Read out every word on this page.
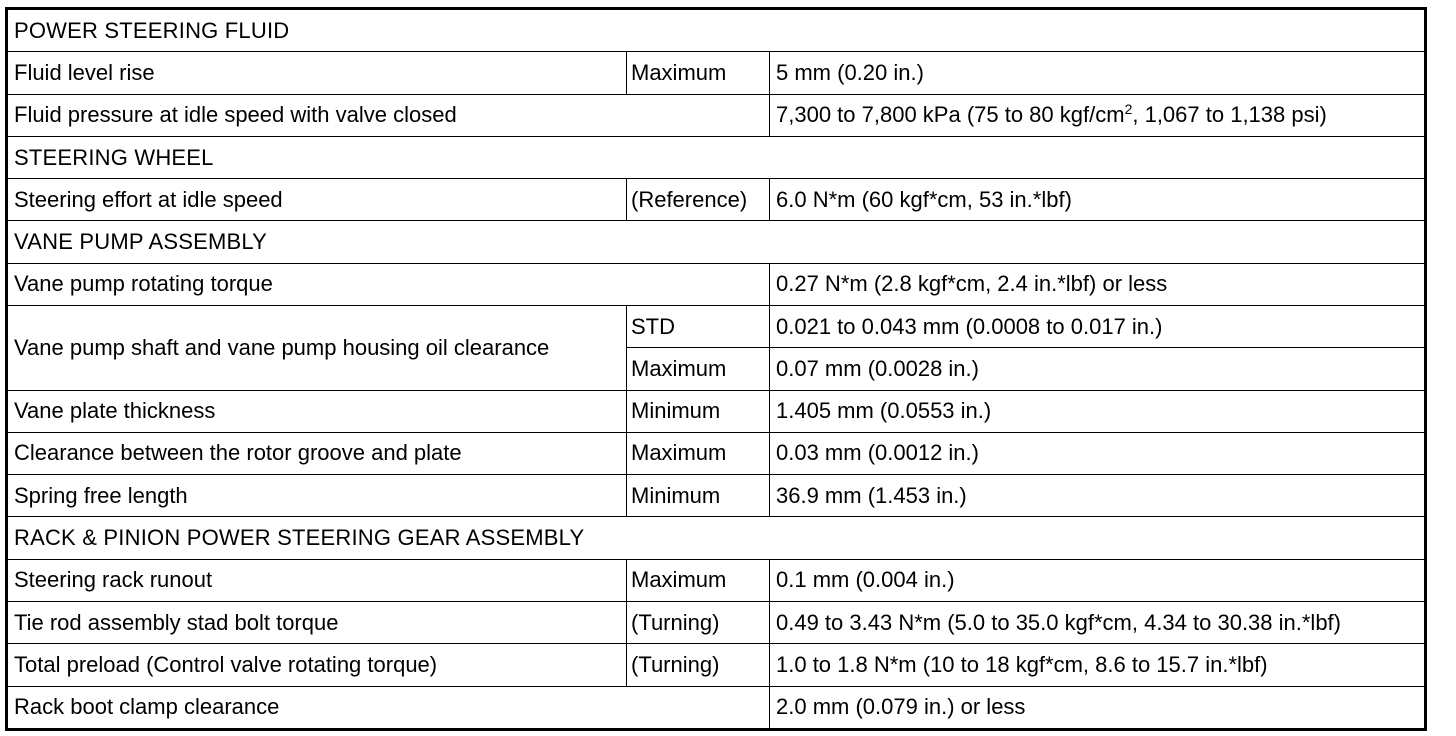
POWER STEERING FLUID		
Fluid level rise	Maximum	5 mm (0.20 in.)
Fluid pressure at idle speed with valve closed		7,300 to 7,800 kPa (75 to 80 kgf/$cm^2$, 1,067 to 1,138 psi)
STEERING WHEEL		
Steering effort at idle speed	(Reference)	6.0 N*m (60 kgf*cm, 53 in.*lbf)
VANE PUMP ASSEMBLY		
Vane pump rotating torque		0.27 N*m (2.8 kgf*cm, 2.4 in.*lbf) or less
Vane pump shaft and vane pump housing oil clearance	STD	0.021 to 0.043 mm (0.0008 to 0.017 in.)
	Maximum	0.07 mm (0.0028 in.)
Vane plate thickness	Minimum	1.405 mm (0.0553 in.)
Clearance between the rotor groove and plate	Maximum	0.03 mm (0.0012 in.)
Spring free length	Minimum	36.9 mm (1.453 in.)
RACK & PINION POWER STEERING GEAR ASSEMBLY		
Steering rack runout	Maximum	0.1 mm (0.004 in.)
Tie rod assembly stad bolt torque	(Turning)	0.49 to 3.43 N*m (5.0 to 35.0 kgf*cm, 4.34 to 30.38 in.*lbf)
Total preload (Control valve rotating torque)	(Turning)	1.0 to 1.8 N*m (10 to 18 kgf*cm, 8.6 to 15.7 in.*lbf)
Rack boot clamp clearance		2.0 mm (0.079 in.) or less
